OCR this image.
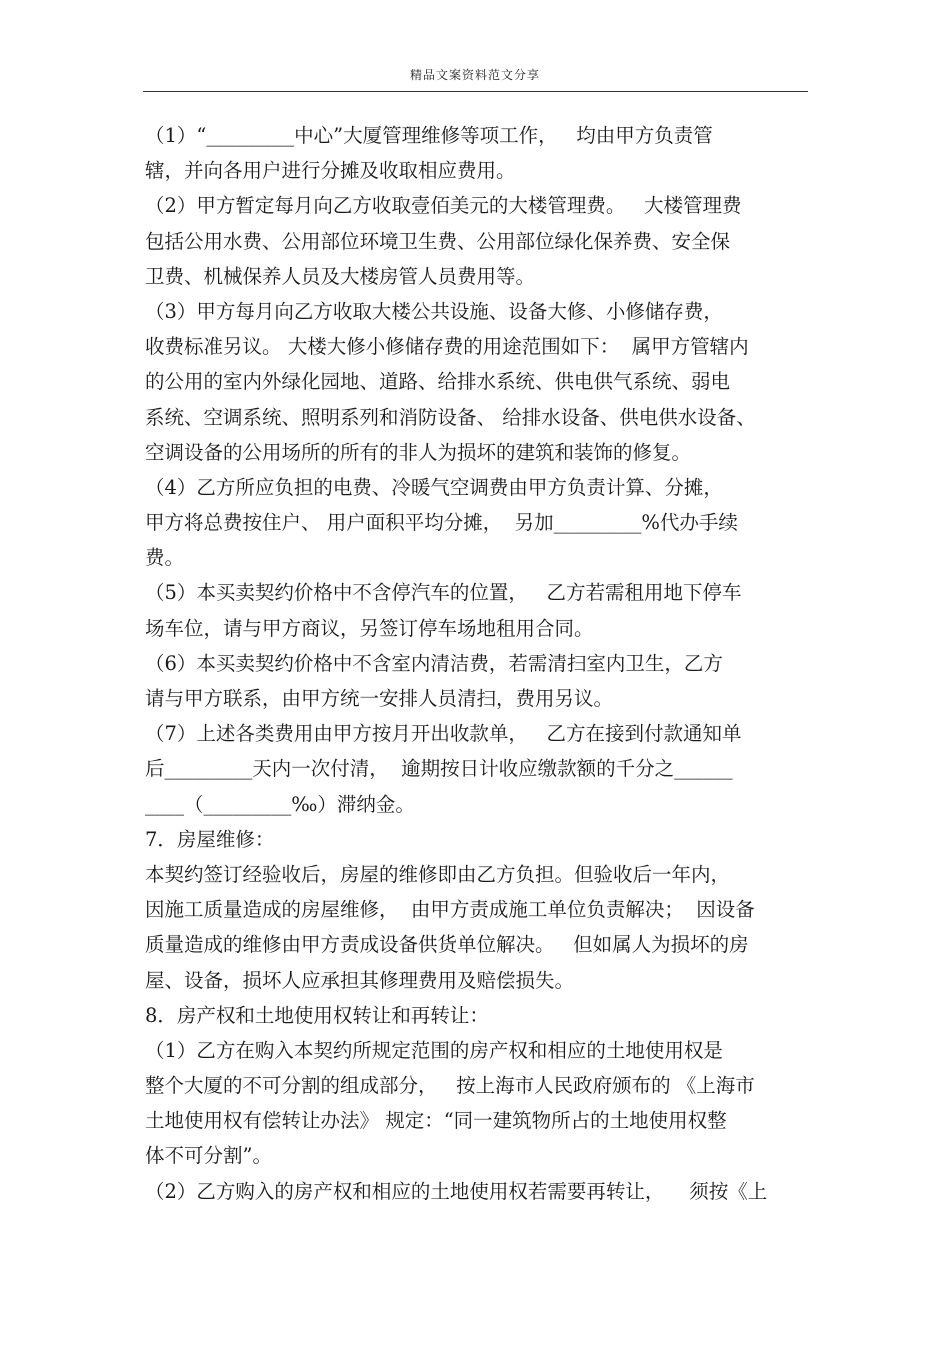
精品文案资料范文分享
（1）“_________中心”大厦管理维修等项工作，   均由甲方负责管
辖，并向各用户进行分摊及收取相应费用。
（2）甲方暂定每月向乙方收取壹佰美元的大楼管理费。   大楼管理费
包括公用水费、公用部位环境卫生费、公用部位绿化保养费、安全保
卫费、机械保养人员及大楼房管人员费用等。
（3）甲方每月向乙方收取大楼公共设施、设备大修、小修储存费，
收费标准另议。 大楼大修小修储存费的用途范围如下：  属甲方管辖内
的公用的室内外绿化园地、道路、给排水系统、供电供气系统、弱电
系统、空调系统、照明系列和消防设备、 给排水设备、供电供水设备、
空调设备的公用场所的所有的非人为损坏的建筑和装饰的修复。
（4）乙方所应负担的电费、冷暖气空调费由甲方负责计算、分摊，
甲方将总费按住户、 用户面积平均分摊，  另加_________%代办手续
费。
（5）本买卖契约价格中不含停汽车的位置，   乙方若需租用地下停车
场车位，请与甲方商议，另签订停车场地租用合同。
（6）本买卖契约价格中不含室内清洁费，若需清扫室内卫生，乙方
请与甲方联系，由甲方统一安排人员清扫，费用另议。
（7）上述各类费用由甲方按月开出收款单，   乙方在接到付款通知单
后_________天内一次付清，  逾期按日计收应缴款额的千分之______
____（_________‰）滞纳金。
7．房屋维修：
本契约签订经验收后，房屋的维修即由乙方负担。但验收后一年内，
因施工质量造成的房屋维修，  由甲方责成施工单位负责解决；  因设备
质量造成的维修由甲方责成设备供货单位解决。   但如属人为损坏的房
屋、设备，损坏人应承担其修理费用及赔偿损失。
8．房产权和土地使用权转让和再转让：
（1）乙方在购入本契约所规定范围的房产权和相应的土地使用权是
整个大厦的不可分割的组成部分，   按上海市人民政府颁布的 《上海市
土地使用权有偿转让办法》 规定：“同一建筑物所占的土地使用权整
体不可分割”。
（2）乙方购入的房产权和相应的土地使用权若需要再转让，    须按《上
